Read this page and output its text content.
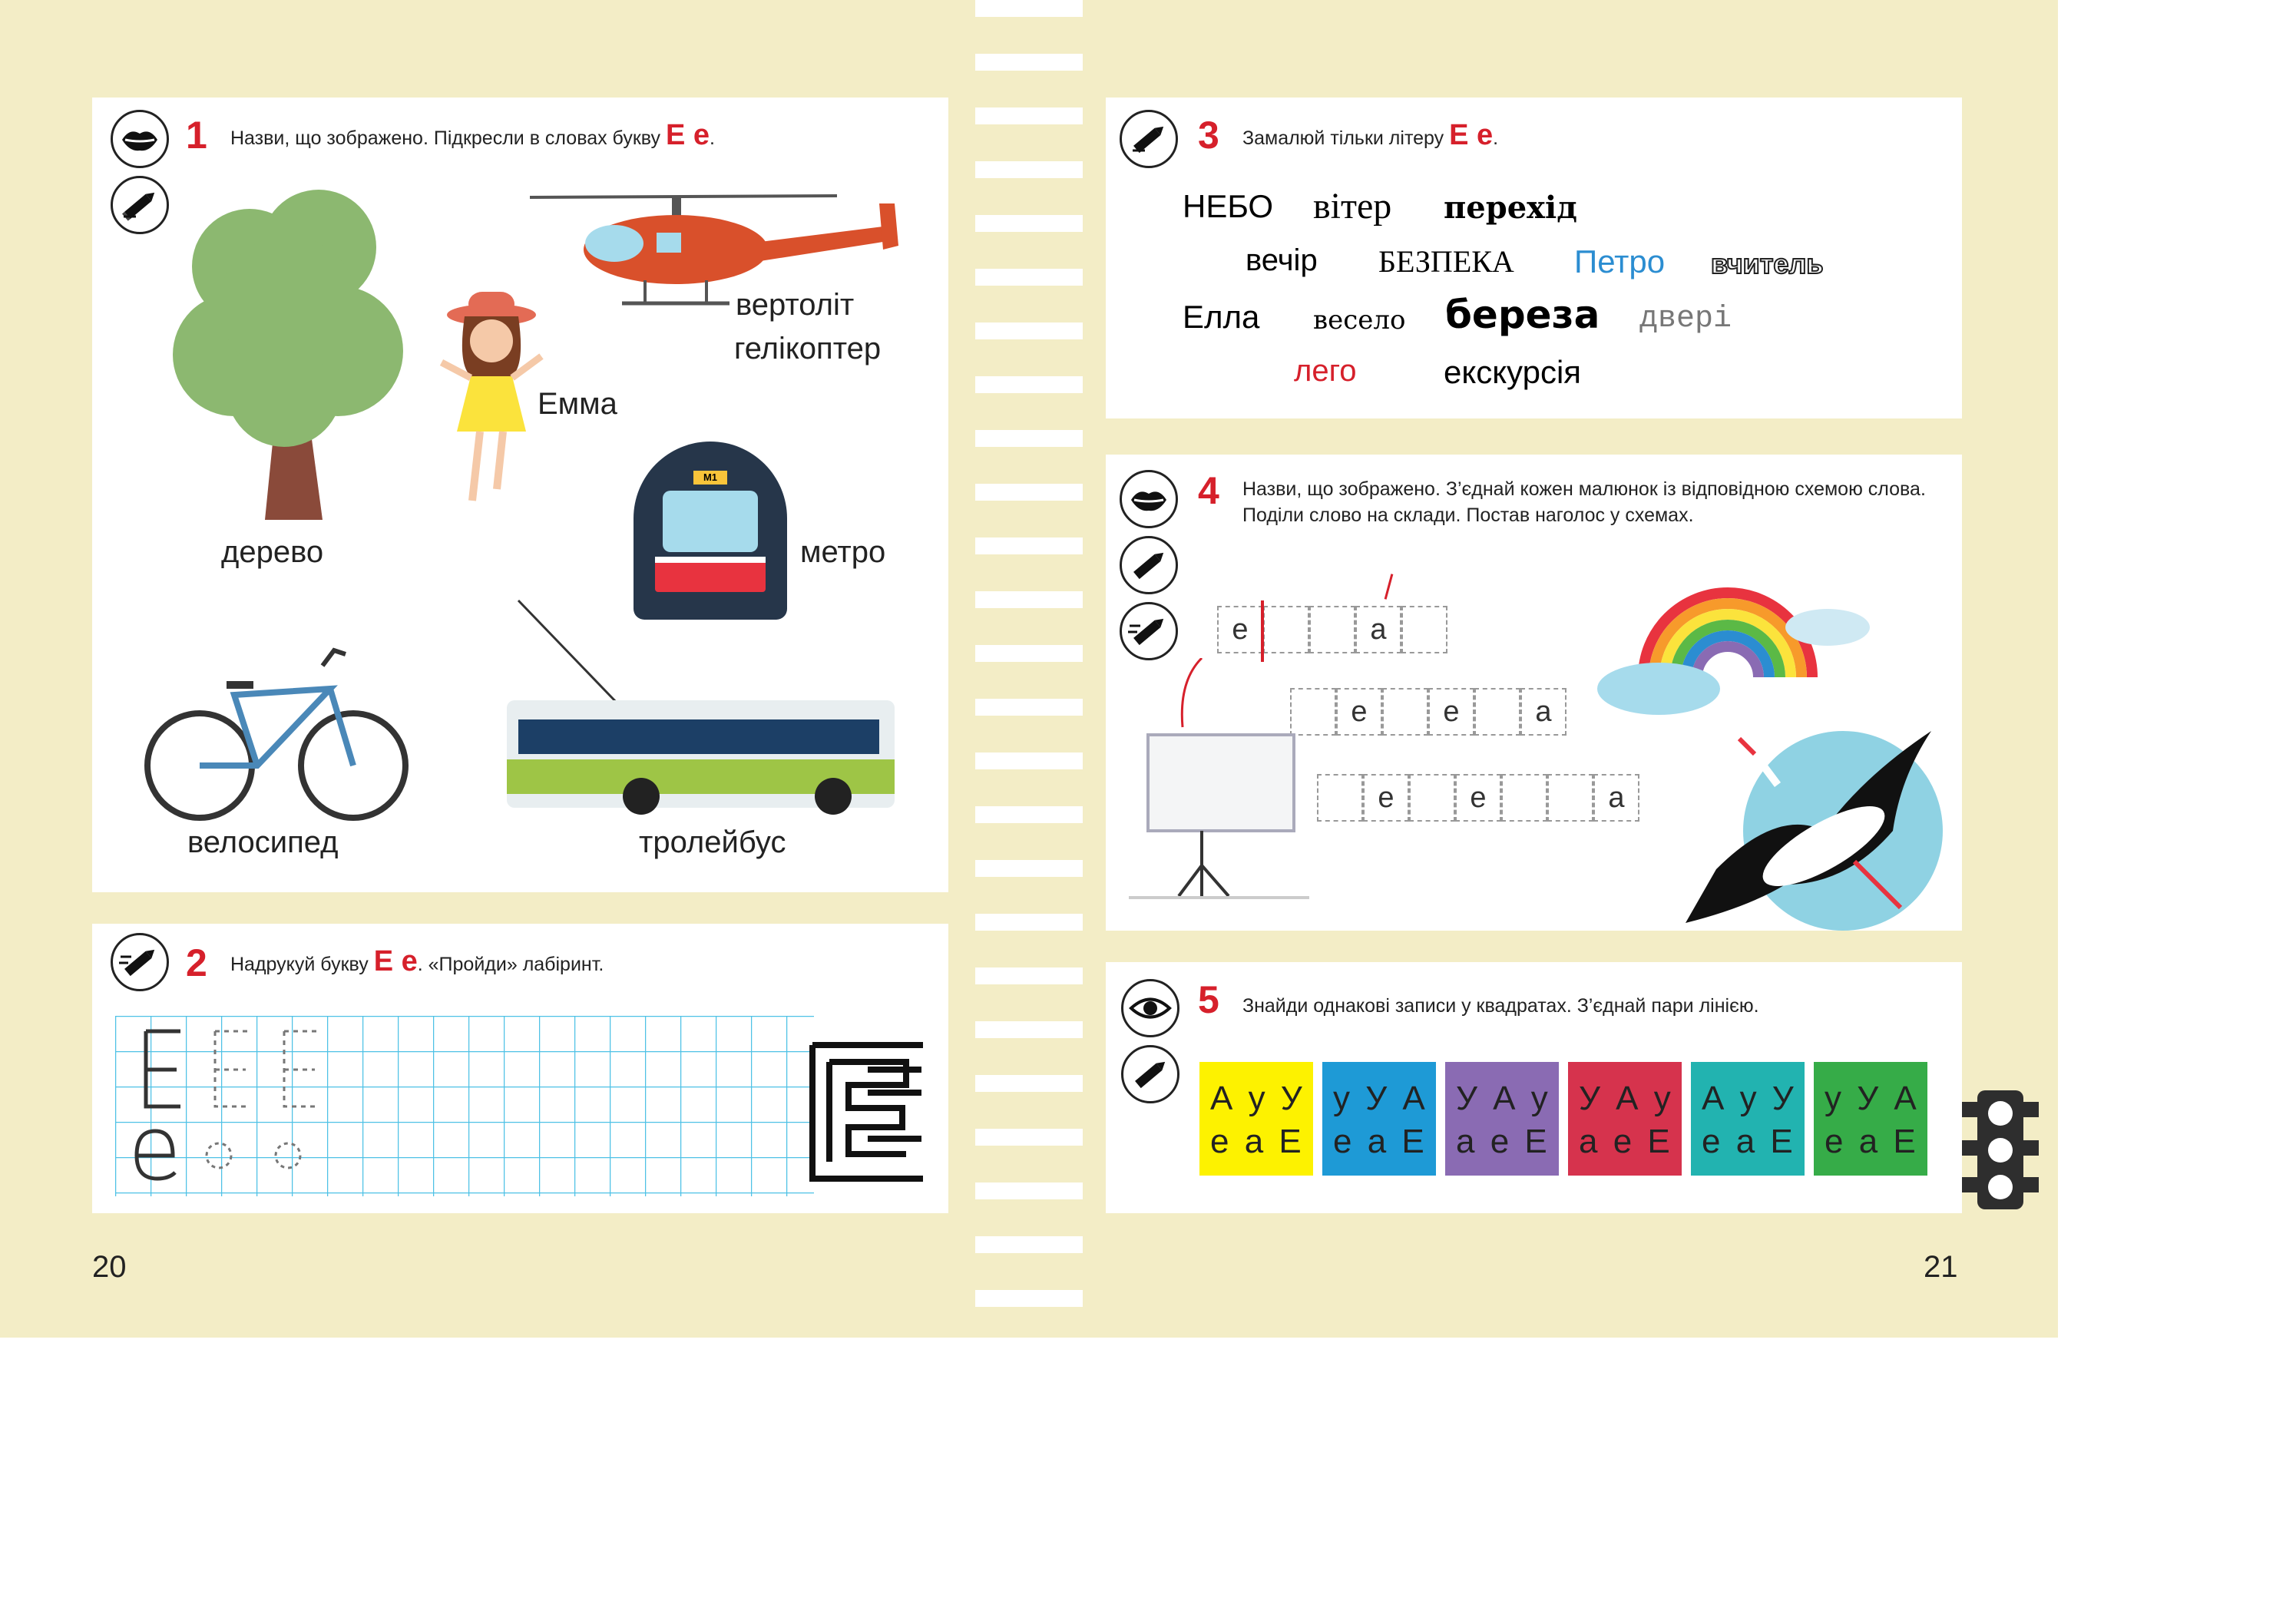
1 Назви, що зображено. Підкресли в словах букву Е е.
дерево
Емма
вертоліт
гелікоптер
M1
метро
велосипед	тролейбус
2 Надрукуй букву Е е. «Пройди» лабіринт.
20
3 Замалюй тільки літеру Е е.
НЕБО вітер перехід
вечір БЕЗПЕКА Петро вчитель
Елла весело береза двері
лего	екскурсія
4 Назви, що зображено. З’єднай кожен малюнок із відповідною схемою слова. Поділи слово на склади. Постав наголос у схемах.
е	а
е	е	а
е	е	а
5 Знайди однакові записи у квадратах. З’єднай пари лінією.
А у У
е а Е
у У А
е а Е
У А у
а е Е
У А у
а е Е
А у У
е а Е
у У А
е а Е
21
